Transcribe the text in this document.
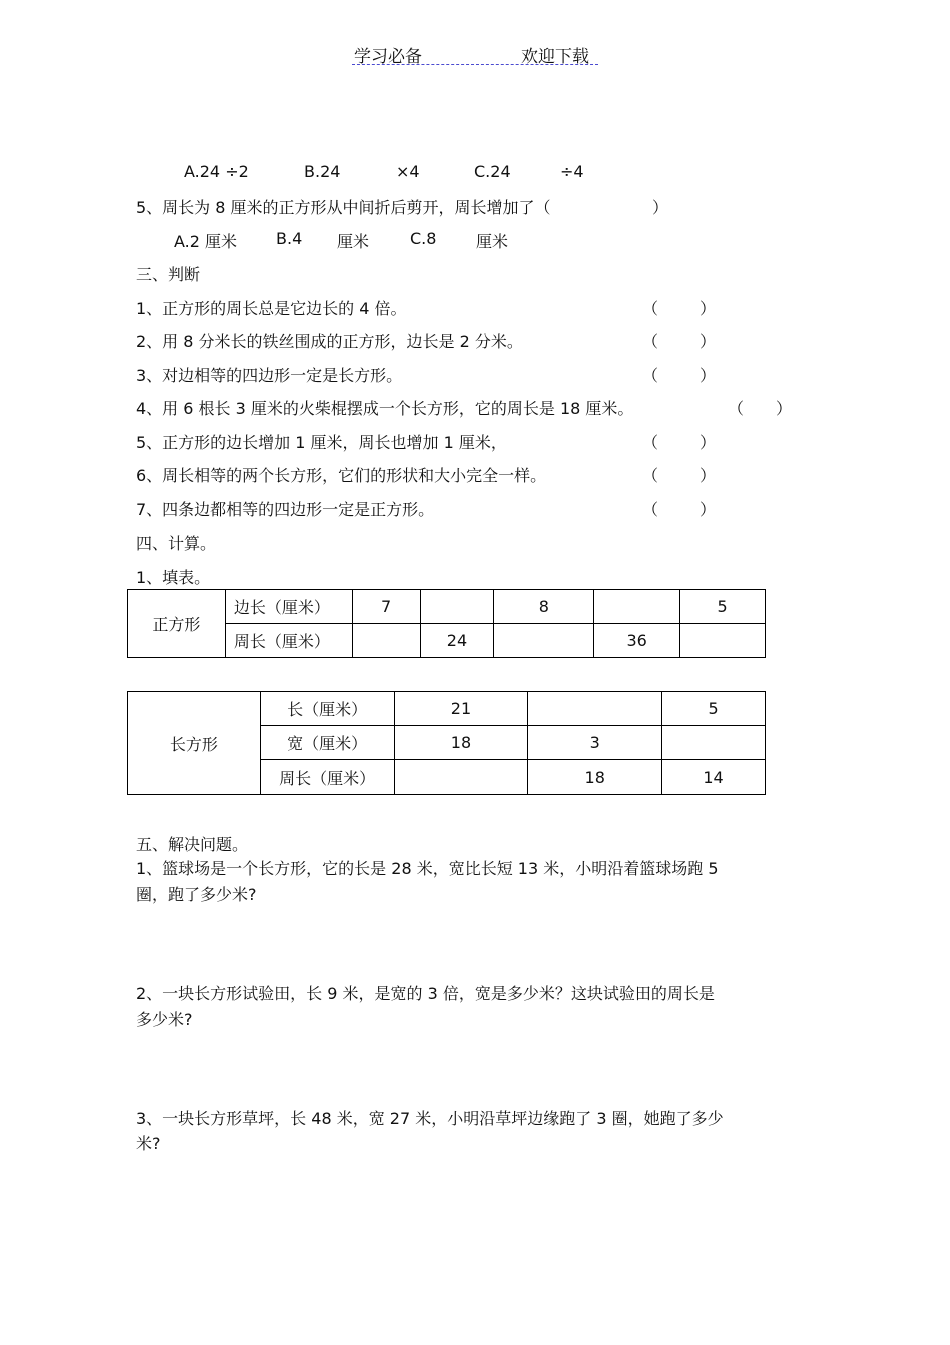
学习必备	欢迎下载
A.24 ÷2	B.24	×4	C.24	÷4
5、周长为 8 厘米的正方形从中间折后剪开，周长增加了（	）
A.2 厘米 B.4 厘米	C.8 厘米
三、判断
1、正方形的周长总是它边长的 4 倍。	（	）
2、用 8 分米长的铁丝围成的正方形，边长是 2 分米。	（	）
3、对边相等的四边形一定是长方形。	（	）
4、用 6 根长 3 厘米的火柴棍摆成一个长方形，它的周长是 18 厘米。	（ ）
5、正方形的边长增加 1 厘米，周长也增加 1 厘米，	（	）
6、周长相等的两个长方形，它们的形状和大小完全一样。	（	）
7、四条边都相等的四边形一定是正方形。	（	）
四、计算。
1、填表。
正方形	边长（厘米）	7		8		5
	周长（厘米）		24		36	
长方形	长（厘米）	21		5
	宽（厘米）	18	3	
	周长（厘米）		18	14
五、解决问题。
1、篮球场是一个长方形，它的长是 28 米，宽比长短 13 米，小明沿着篮球场跑 5
圈，跑了多少米?
2、一块长方形试验田，长 9 米，是宽的 3 倍，宽是多少米？这块试验田的周长是
多少米?
3、一块长方形草坪，长 48 米，宽 27 米，小明沿草坪边缘跑了 3 圈，她跑了多少
米?
